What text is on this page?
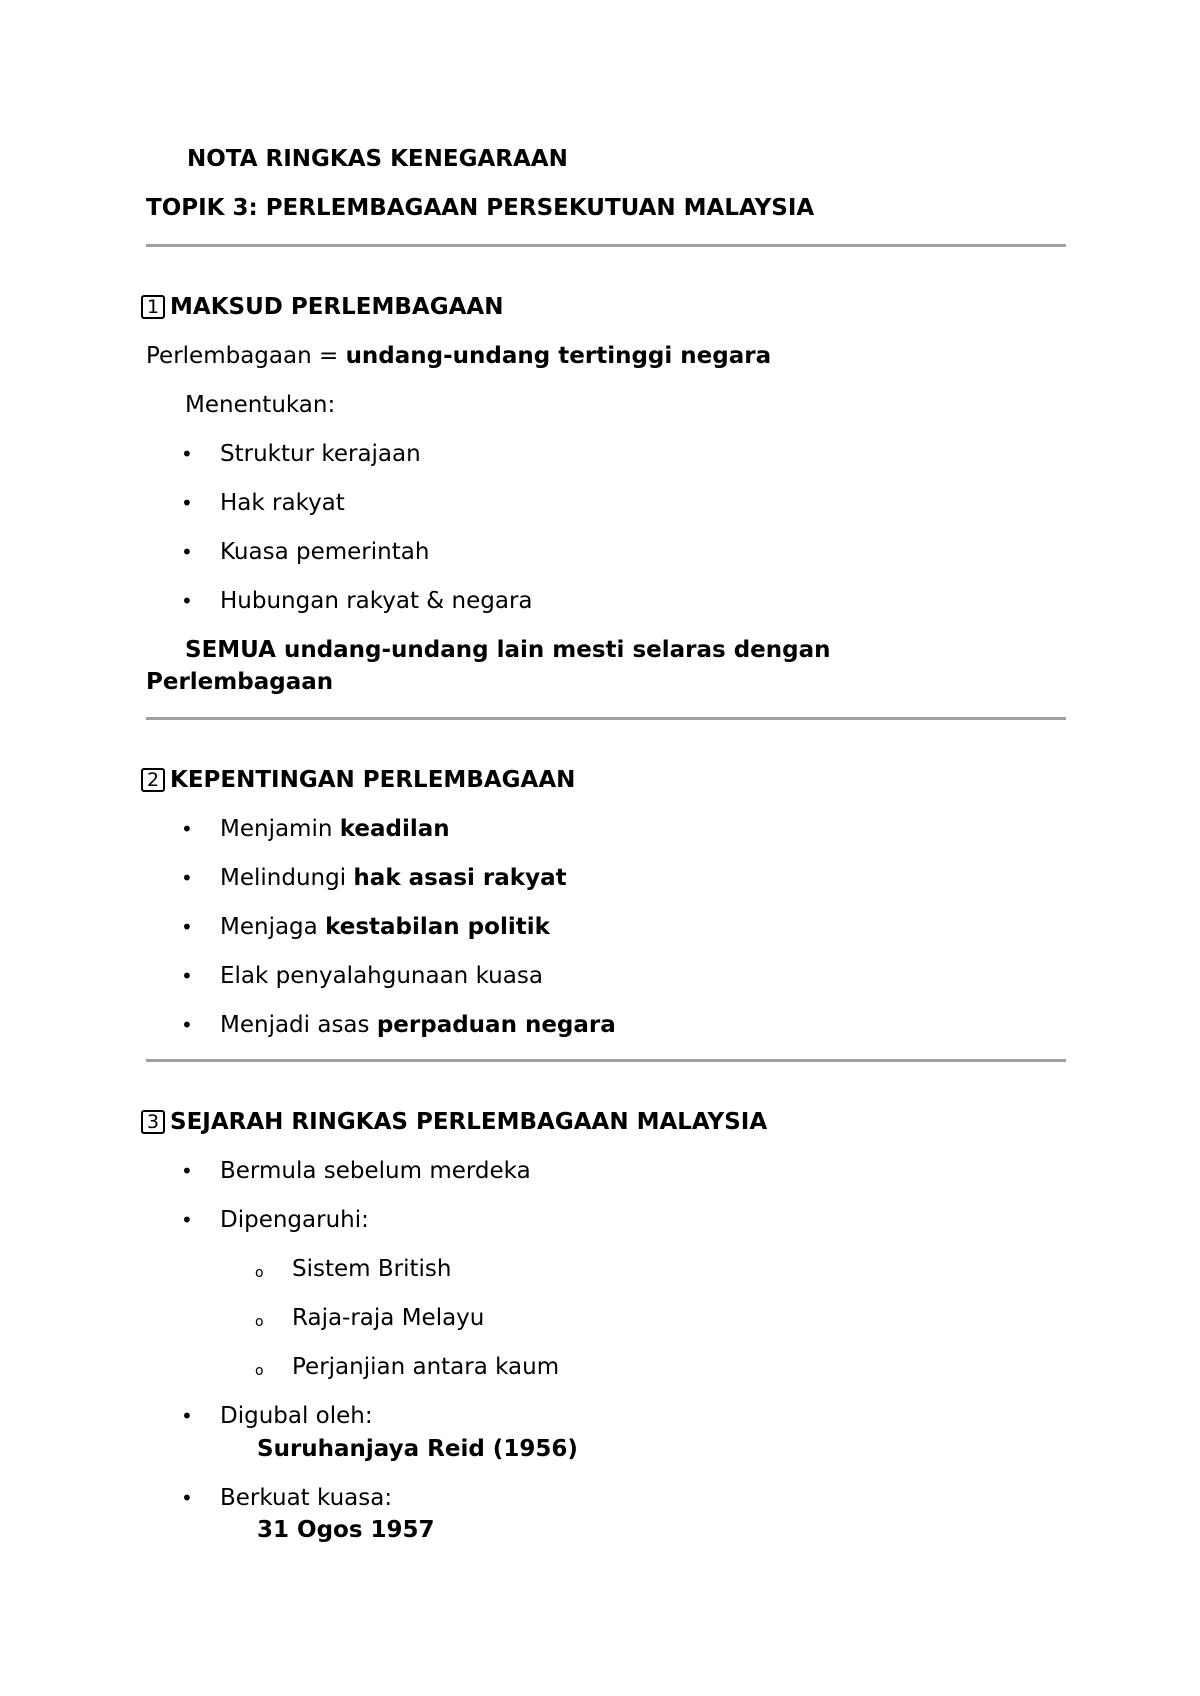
NOTA RINGKAS KENEGARAAN
TOPIK 3: PERLEMBAGAAN PERSEKUTUAN MALAYSIA
1 MAKSUD PERLEMBAGAAN
Perlembagaan = undang-undang tertinggi negara
Menentukan:
• Struktur kerajaan
• Hak rakyat
• Kuasa pemerintah
• Hubungan rakyat & negara
SEMUA undang-undang lain mesti selaras dengan
Perlembagaan
2 KEPENTINGAN PERLEMBAGAAN
• Menjamin keadilan
• Melindungi hak asasi rakyat
• Menjaga kestabilan politik
• Elak penyalahgunaan kuasa
• Menjadi asas perpaduan negara
3 SEJARAH RINGKAS PERLEMBAGAAN MALAYSIA
• Bermula sebelum merdeka
• Dipengaruhi:
o Sistem British
o Raja-raja Melayu
o Perjanjian antara kaum
• Digubal oleh:
Suruhanjaya Reid (1956)
• Berkuat kuasa:
31 Ogos 1957
